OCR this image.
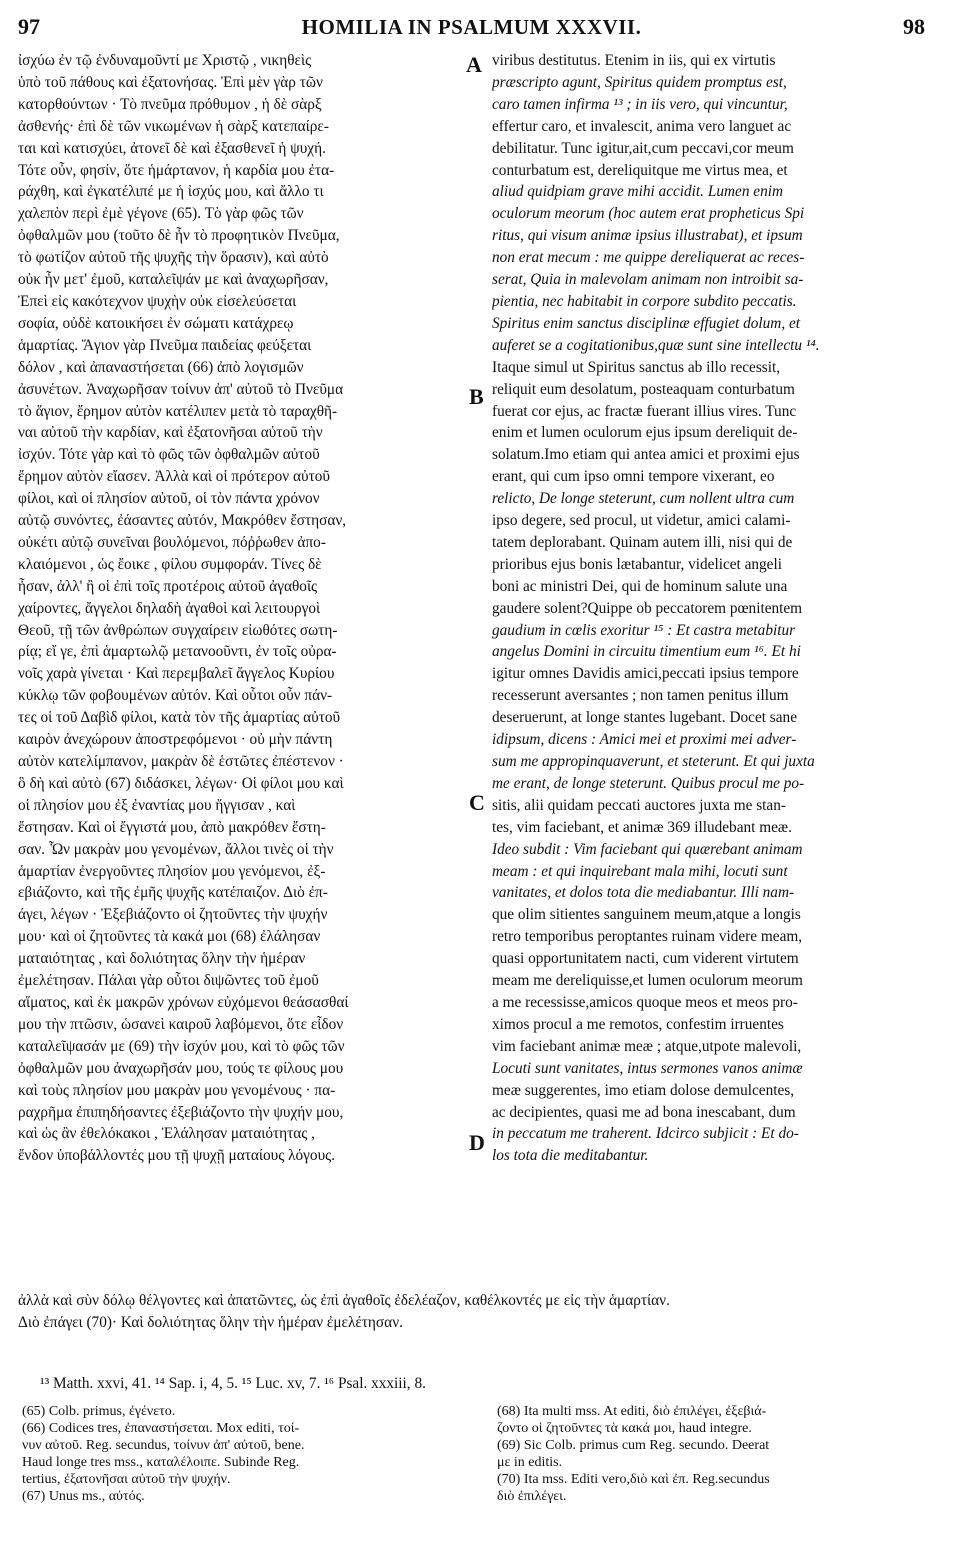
97	HOMILIA IN PSALMUM XXXVII.	98
ἰσχύω ἐν τῷ ἐνδυναμοῦντί με Χριστῷ , νικηθεὶς
ὑπὸ τοῦ πάθους καὶ ἐξατονήσας. Ἐπὶ μὲν γὰρ τῶν
κατορθούντων · Τὸ πνεῦμα πρόθυμον , ἡ δὲ σὰρξ
ἀσθενής· ἐπὶ δὲ τῶν νικωμένων ἡ σὰρξ κατεπαίρε-
ται καὶ κατισχύει, ἀτονεῖ δὲ καὶ ἐξασθενεῖ ἡ ψυχή.
Τότε οὖν, φησίν, ὅτε ἡμάρτανον, ἡ καρδία μου ἐτα-
ράχθη, καὶ ἐγκατέλιπέ με ἡ ἰσχύς μου, καὶ ἄλλο τι
χαλεπὸν περὶ ἐμὲ γέγονε (65). Τὸ γὰρ φῶς τῶν
ὀφθαλμῶν μου (τοῦτο δὲ ἦν τὸ προφητικὸν Πνεῦμα,
τὸ φωτίζον αὐτοῦ τῆς ψυχῆς τὴν ὅρασιν), καὶ αὐτὸ
οὐκ ἦν μετ' ἐμοῦ, καταλεῖψάν με καὶ ἀναχωρῆσαν,
Ἐπεὶ εἰς κακότεχνον ψυχὴν οὐκ εἰσελεύσεται
σοφία, οὐδὲ κατοικήσει ἐν σώματι κατάχρεῳ
ἁμαρτίας. Ἅγιον γὰρ Πνεῦμα παιδείας φεύξεται
δόλον , καὶ ἀπαναστήσεται (66) ἀπὸ λογισμῶν
ἀσυνέτων. Ἀναχωρῆσαν τοίνυν ἀπ' αὐτοῦ τὸ Πνεῦμα
τὸ ἅγιον, ἔρημον αὐτὸν κατέλιπεν μετὰ τὸ ταραχθῆ-
ναι αὐτοῦ τὴν καρδίαν, καὶ ἐξατονῆσαι αὐτοῦ τὴν
ἰσχύν. Τότε γὰρ καὶ τὸ φῶς τῶν ὀφθαλμῶν αὐτοῦ
ἔρημον αὐτὸν εἴασεν. Ἀλλὰ καὶ οἱ πρότερον αὐτοῦ
φίλοι, καὶ οἱ πλησίον αὐτοῦ, οἱ τὸν πάντα χρόνον
αὐτῷ συνόντες, ἐάσαντες αὐτόν, Μακρόθεν ἔστησαν,
οὐκέτι αὐτῷ συνεῖναι βουλόμενοι, πόῤῥωθεν ἀπο-
κλαιόμενοι , ὡς ἔοικε , φίλου συμφοράν. Τίνες δὲ
ἦσαν, ἀλλ' ἢ οἱ ἐπὶ τοῖς προτέροις αὐτοῦ ἀγαθοῖς
χαίροντες, ἄγγελοι δηλαδὴ ἀγαθοὶ καὶ λειτουργοὶ
Θεοῦ, τῇ τῶν ἀνθρώπων συγχαίρειν εἰωθότες σωτη-
ρίᾳ; εἴ γε, ἐπὶ ἁμαρτωλῷ μετανοοῦντι, ἐν τοῖς οὐρα-
νοῖς χαρὰ γίνεται · Καὶ περεμβαλεῖ ἄγγελος Κυρίου
κύκλῳ τῶν φοβουμένων αὐτόν. Καὶ οὗτοι οὖν πάν-
τες οἱ τοῦ Δαβὶδ φίλοι, κατὰ τὸν τῆς ἁμαρτίας αὐτοῦ
καιρὸν ἀνεχώρουν ἀποστρεφόμενοι · οὐ μὴν πάντη
αὐτὸν κατελίμπανον, μακρὰν δὲ ἑστῶτες ἐπέστενον ·
ὃ δὴ καὶ αὐτὸ (67) διδάσκει, λέγων· Οἱ φίλοι μου καὶ
οἱ πλησίον μου ἐξ ἐναντίας μου ἤγγισαν , καὶ
ἔστησαν. Καὶ οἱ ἔγγιστά μου, ἀπὸ μακρόθεν ἔστη-
σαν. Ὧν μακρὰν μου γενομένων, ἄλλοι τινὲς οἱ τὴν
ἁμαρτίαν ἐνεργοῦντες πλησίον μου γενόμενοι, ἐξ-
εβιάζοντο, καὶ τῆς ἐμῆς ψυχῆς κατέπαιζον. Διὸ ἐπ-
άγει, λέγων · Ἐξεβιάζοντο οἱ ζητοῦντες τὴν ψυχήν
μου· καὶ οἱ ζητοῦντες τὰ κακά μοι (68) ἐλάλησαν
ματαιότητας , καὶ δολιότητας ὅλην τὴν ἡμέραν
ἐμελέτησαν. Πάλαι γὰρ οὗτοι διψῶντες τοῦ ἐμοῦ
αἵματος, καὶ ἐκ μακρῶν χρόνων εὐχόμενοι θεάσασθαί
μου τὴν πτῶσιν, ὡσανεὶ καιροῦ λαβόμενοι, ὅτε εἶδον
καταλεῖψασάν με (69) τὴν ἰσχύν μου, καὶ τὸ φῶς τῶν
ὀφθαλμῶν μου ἀναχωρῆσάν μου, τούς τε φίλους μου
καὶ τοὺς πλησίον μου μακρὰν μου γενομένους · πα-
ραχρῆμα ἐπιπηδήσαντες ἐξεβιάζοντο τὴν ψυχήν μου,
καὶ ὡς ἂν ἐθελόκακοι , Ἐλάλησαν ματαιότητας ,
ἔνδον ὑποβάλλοντές μου τῇ ψυχῇ ματαίους λόγους.
viribus destitutus. Etenim in iis, qui ex virtutis
præscripto agunt, Spiritus quidem promptus est,
caro tamen infirma ¹³ ; in iis vero, qui vincuntur,
effertur caro, et invalescit, anima vero languet ac
debilitatur. Tunc igitur,ait,cum peccavi,cor meum
conturbatum est, dereliquitque me virtus mea, et
aliud quidpiam grave mihi accidit. Lumen enim
oculorum meorum (hoc autem erat propheticus Spi
ritus, qui visum animæ ipsius illustrabat), et ipsum
non erat mecum : me quippe dereliquerat ac reces-
serat, Quia in malevolam animam non introibit sa-
pientia, nec habitabit in corpore subdito peccatis.
Spiritus enim sanctus disciplinæ effugiet dolum, et
auferet se a cogitationibus,quæ sunt sine intellectu ¹⁴.
Itaque simul ut Spiritus sanctus ab illo recessit,
reliquit eum desolatum, posteaquam conturbatum
fuerat cor ejus, ac fractæ fuerant illius vires. Tunc
enim et lumen oculorum ejus ipsum dereliquit de-
solatum.Imo etiam qui antea amici et proximi ejus
erant, qui cum ipso omni tempore vixerant, eo
relicto, De longe steterunt, cum nollent ultra cum
ipso degere, sed procul, ut videtur, amici calami-
tatem deplorabant. Quinam autem illi, nisi qui de
prioribus ejus bonis lætabantur, videlicet angeli
boni ac ministri Dei, qui de hominum salute una
gaudere solent?Quippe ob peccatorem pœnitentem
gaudium in cœlis exoritur ¹⁵ : Et castra metabitur
angelus Domini in circuitu timentium eum ¹⁶. Et hi
igitur omnes Davidis amici,peccati ipsius tempore
recesserunt aversantes ; non tamen penitus illum
deseruerunt, at longe stantes lugebant. Docet sane
idipsum, dicens : Amici mei et proximi mei adver-
sum me appropinquaverunt, et steterunt. Et qui juxta
me erant, de longe steterunt. Quibus procul me po-
sitis, alii quidam peccati auctores juxta me stan-
tes, vim faciebant, et animæ 369 illudebant meæ.
Ideo subdit : Vim faciebant qui quærebant animam
meam : et qui inquirebant mala mihi, locuti sunt
vanitates, et dolos tota die mediabantur. Illi nam-
que olim sitientes sanguinem meum,atque a longis
retro temporibus peroptantes ruinam videre meam,
quasi opportunitatem nacti, cum viderent virtutem
meam me dereliquisse,et lumen oculorum meorum
a me recessisse,amicos quoque meos et meos pro-
ximos procul a me remotos, confestim irruentes
vim faciebant animæ meæ ; atque,utpote malevoli,
Locuti sunt vanitates, intus sermones vanos animæ
meæ suggerentes, imo etiam dolose demulcentes,
ac decipientes, quasi me ad bona inescabant, dum
in peccatum me traherent. Idcirco subjicit : Et do-
los tota die meditabantur.
A
B
C
D
ἀλλὰ καὶ σὺν δόλῳ θέλγοντες καὶ ἀπατῶντες, ὡς ἐπὶ ἀγαθοῖς ἐδελέαζον, καθέλκοντές με εἰς τὴν ἁμαρτίαν.
Διὸ ἐπάγει (70)· Καὶ δολιότητας ὅλην τὴν ἡμέραν ἐμελέτησαν.
¹³ Matth. xxvi, 41. ¹⁴ Sap. i, 4, 5. ¹⁵ Luc. xv, 7. ¹⁶ Psal. xxxiii, 8.
(65) Colb. primus, ἐγένετο.
(66) Codices tres, ἐπαναστήσεται. Mox editi, τοί-
νυν αὐτοῦ. Reg. secundus, τοίνυν ἀπ' αὐτοῦ, bene.
Haud longe tres mss., καταλέλοιπε. Subinde Reg.
tertius, ἐξατονῆσαι αὐτοῦ τὴν ψυχήν.
(67) Unus ms., αὐτός.
(68) Ita multi mss. At editi, διὸ ἐπιλέγει, ἐξεβιά-
ζοντο οἱ ζητοῦντες τὰ κακά μοι, haud integre.
(69) Sic Colb. primus cum Reg. secundo. Deerat
με in editis.
(70) Ita mss. Editi vero,διὸ καὶ ἐπ. Reg.secundus
διὸ ἐπιλέγει.
